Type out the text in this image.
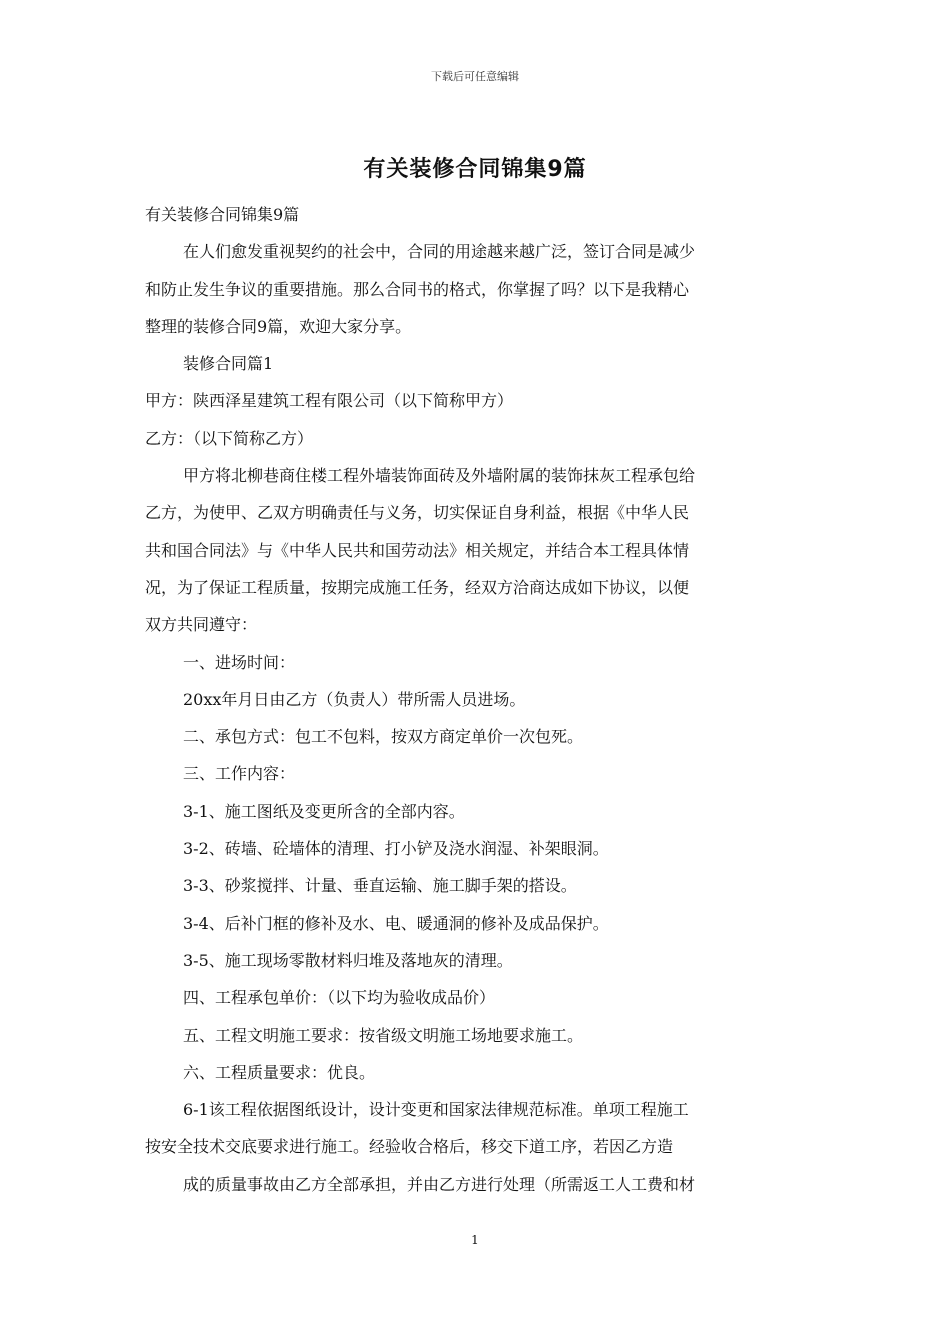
下载后可任意编辑
有关装修合同锦集9篇

有关装修合同锦集9篇

在人们愈发重视契约的社会中，合同的用途越来越广泛，签订合同是减少

和防止发生争议的重要措施。那么合同书的格式，你掌握了吗？以下是我精心

整理的装修合同9篇，欢迎大家分享。

装修合同篇1

甲方：陕西泽星建筑工程有限公司（以下简称甲方）

乙方：（以下简称乙方）

甲方将北柳巷商住楼工程外墙装饰面砖及外墙附属的装饰抹灰工程承包给

乙方，为使甲、乙双方明确责任与义务，切实保证自身利益，根据《中华人民

共和国合同法》与《中华人民共和国劳动法》相关规定，并结合本工程具体情

况，为了保证工程质量，按期完成施工任务，经双方洽商达成如下协议，以便

双方共同遵守：

一、进场时间：

20xx年月日由乙方（负责人）带所需人员进场。

二、承包方式：包工不包料，按双方商定单价一次包死。

三、工作内容：

3-1、施工图纸及变更所含的全部内容。

3-2、砖墙、砼墙体的清理、打小铲及浇水润湿、补架眼洞。

3-3、砂浆搅拌、计量、垂直运输、施工脚手架的搭设。

3-4、后补门框的修补及水、电、暖通洞的修补及成品保护。

3-5、施工现场零散材料归堆及落地灰的清理。

四、工程承包单价：（以下均为验收成品价）

五、工程文明施工要求：按省级文明施工场地要求施工。

六、工程质量要求：优良。

6-1该工程依据图纸设计，设计变更和国家法律规范标准。单项工程施工

按安全技术交底要求进行施工。经验收合格后，移交下道工序，若因乙方造

成的质量事故由乙方全部承担，并由乙方进行处理（所需返工人工费和材

1
